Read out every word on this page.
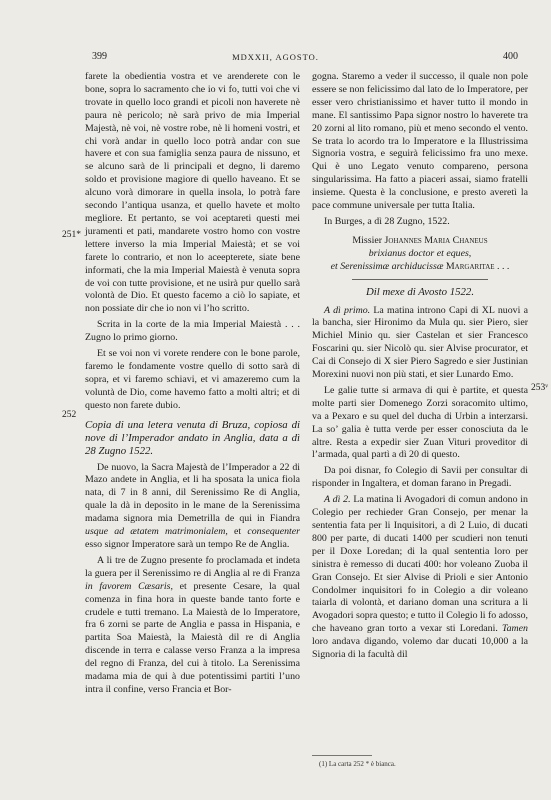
399	MDXXII, AGOSTO.	400
251*
252
253ᵛ

farete la obedientia vostra et ve arenderete con le bone, sopra lo sacramento che io vi fo, tutti voi che vi trovate in quello loco grandi et picoli non haverete nè paura nè pericolo; nè sarà privo de mia Imperial Majestà, nè voi, nè vostre robe, nè li homeni vostri, et chi vorà andar in quello loco potrà andar con sue havere et con sua famiglia senza paura de nissuno, et se alcuno sarà de li principali et degno, li daremo soldo et provisione magiore di quello haveano. Et se alcuno vorà dimorare in quella insola, lo potrà fare secondo l’antiqua usanza, et quello havete et molto megliore. Et pertanto, se voi aceptareti questi mei juramenti et pati, mandarete vostro homo con vostre lettere inverso la mia Imperial Maiestà; et se voi farete lo contrario, et non lo aceepterete, siate bene informati, che la mia Imperial Maiestà è venuta sopra de voi con tutte provisione, et ne usirà pur quello sarà volontà de Dio. Et questo facemo a ciò lo sapiate, et non possiate dir che io non vi l’ho scritto.

Scrita in la corte de la mia Imperial Maiestà . . . Zugno lo primo giorno.

Et se voi non vi vorete rendere con le bone parole, faremo le fondamente vostre quello di sotto sarà di sopra, et vi faremo schiavi, et vi amazeremo cum la voluntà de Dio, come havemo fatto a molti altri; et di questo non farete dubio.

Copia di una letera venuta di Bruza, copiosa di nove di l’Imperador andato in Anglia, data a dì 28 Zugno 1522.

De nuovo, la Sacra Majestà de l’Imperador a 22 di Mazo andete in Anglia, et li ha sposata la unica fiola nata, di 7 in 8 anni, dil Serenissimo Re di Anglia, quale la dà in deposito in le mane de la Serenissima madama signora mia Demetrilla de qui in Fiandra usque ad ætatem matrimonialem, et consequenter esso signor Imperatore sarà un tempo Re de Anglia.

A li tre de Zugno presente fo proclamada et indeta la guera per il Serenissimo re di Anglia al re di Franza in favorem Cæsaris, et presente Cesare, la qual comenza in fina hora in queste bande tanto forte e crudele e tutti tremano. La Maiestà de lo Imperatore, fra 6 zorni se parte de Anglia e passa in Hispania, e partita Soa Maiestà, la Maiestà dil re di Anglia discende in terra e calasse verso Franza a la impresa del regno di Franza, del cui à titolo. La Serenissima madama mia de qui à due potentissimi partiti l’uno intra il confine, verso Francia et Bor-

gogna. Staremo a veder il successo, il quale non pole essere se non felicissimo dal lato de lo Imperatore, per esser vero christianissimo et haver tutto il mondo in mane. El santissimo Papa signor nostro lo haverete tra 20 zorni al lito romano, più et meno secondo el vento. Se trata lo acordo tra lo Imperatore e la Illustrissima Signoria vostra, e seguirà felicissimo fra uno mexe. Qui è uno Legato venuto compareno, persona singularissima. Ha fatto a piaceri assai, siamo fratelli insieme. Questa è la conclusione, e presto averetì la pace commune universale per tutta Italia.

In Burges, a dì 28 Zugno, 1522.

Missier Johannes Maria Chaneus

brixianus doctor et eques,

et Serenissimæ archiducissæ Margaritae . . .

Dil mexe di Avosto 1522.

A dì primo. La matina introno Capi di XL nuovi a la bancha, sier Hironimo da Mula qu. sier Piero, sier Michiel Minio qu. sier Castelan et sier Francesco Foscarini qu. sier Nicolò qu. sier Alvise procurator, et Cai di Consejo di X sier Piero Sagredo e sier Justinian Morexini nuovi non più stati, et sier Lunardo Emo.

Le galie tutte si armava di qui è partite, et questa molte parti sier Domenego Zorzi soracomito ultimo, va a Pexaro e su quel del ducha di Urbin a interzarsi. La so’ galia è tutta verde per esser conosciuta da le altre. Resta a expedir sier Zuan Vituri proveditor di l’armada, qual partì a dì 20 di questo.

Da poi disnar, fo Colegio di Savii per consultar di risponder in Ingaltera, et doman farano in Pregadi.

A dì 2. La matina li Avogadori di comun andono in Colegio per rechieder Gran Consejo, per menar la sententia fata per li Inquisitori, a dì 2 Luio, di ducati 800 per parte, di ducati 1400 per scudieri non tenuti per il Doxe Loredan; di la qual sententia loro per sinistra è remesso di ducati 400: hor voleano Zuoba il Gran Consejo. Et sier Alvise di Prioli e sier Antonio Condolmer inquisitori fo in Colegio a dir voleano taiarla di volontà, et dariano doman una scritura a li Avogadori sopra questo; e tutto il Colegio li fo adosso, che haveano gran torto a vexar sti Loredani. Tamen loro andava digando, volemo dar ducati 10,000 a la Signoria di la facultà dil

(1) La carta 252 * è bianca.
